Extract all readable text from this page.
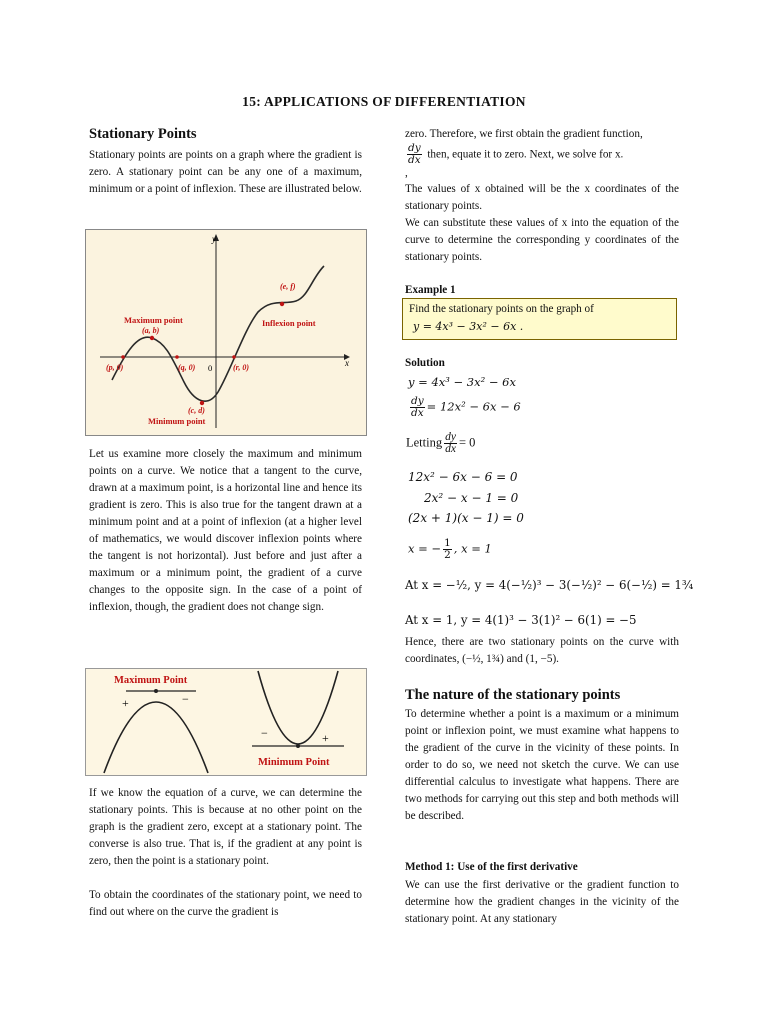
15: APPLICATIONS OF DIFFERENTIATION
Stationary Points
Stationary points are points on a graph where the gradient is zero. A stationary point can be any one of a maximum, minimum or a point of inflexion. These are illustrated below.
y
x
0
Maximum point
(a, b)
(c, d)
Minimum point
(e, f)
Inflexion point
(p, 0)	(q, 0)	(r, 0)
Let us examine more closely the maximum and minimum points on a curve. We notice that a tangent to the curve, drawn at a maximum point, is a horizontal line and hence its gradient is zero. This is also true for the tangent drawn at a minimum point and at a point of inflexion (at a higher level of mathematics, we would discover inflexion points where the tangent is not horizontal). Just before and just after a maximum or a minimum point, the gradient of a curve changes to the opposite sign. In the case of a point of inflexion, though, the gradient does not change sign.
Maximum Point
+	−
−	+
Minimum Point
If we know the equation of a curve, we can determine the stationary points. This is because at no other point on the graph is the gradient zero, except at a stationary point. The converse is also true. That is, if the gradient at any point is zero, then the point is a stationary point.
To obtain the coordinates of the stationary point, we need to find out where on the curve the gradient is
zero. Therefore, we first obtain the gradient function,
$\frac{dy}{dx}$ then, equate it to zero. Next, we solve for x.
,
The values of x obtained will be the x coordinates of the stationary points.
We can substitute these values of x into the equation of the curve to determine the corresponding y coordinates of the stationary points.
Example 1
Find the stationary points on the graph of
y = 4x³ − 3x² − 6x .
Solution
y = 4x³ − 3x² − 6x
$\frac{dy}{dx} = 12x^2 - 6x - 6$
Letting $\frac{dy}{dx} = 0$
12x² − 6x − 6 = 0
2x² − x − 1 = 0
(2x + 1)(x − 1) = 0
x = − $\frac{1}{2}$ , x = 1
At x = −½, y = 4(−½)³ − 3(−½)² − 6(−½) = 1¾
At x = 1, y = 4(1)³ − 3(1)² − 6(1) = −5
Hence, there are two stationary points on the curve with coordinates, (−½, 1¾) and (1, −5).
The nature of the stationary points
To determine whether a point is a maximum or a minimum point or inflexion point, we must examine what happens to the gradient of the curve in the vicinity of these points. In order to do so, we need not sketch the curve. We can use differential calculus to investigate what happens. There are two methods for carrying out this step and both methods will be described.
Method 1: Use of the first derivative
We can use the first derivative or the gradient function to determine how the gradient changes in the vicinity of the stationary point. At any stationary
